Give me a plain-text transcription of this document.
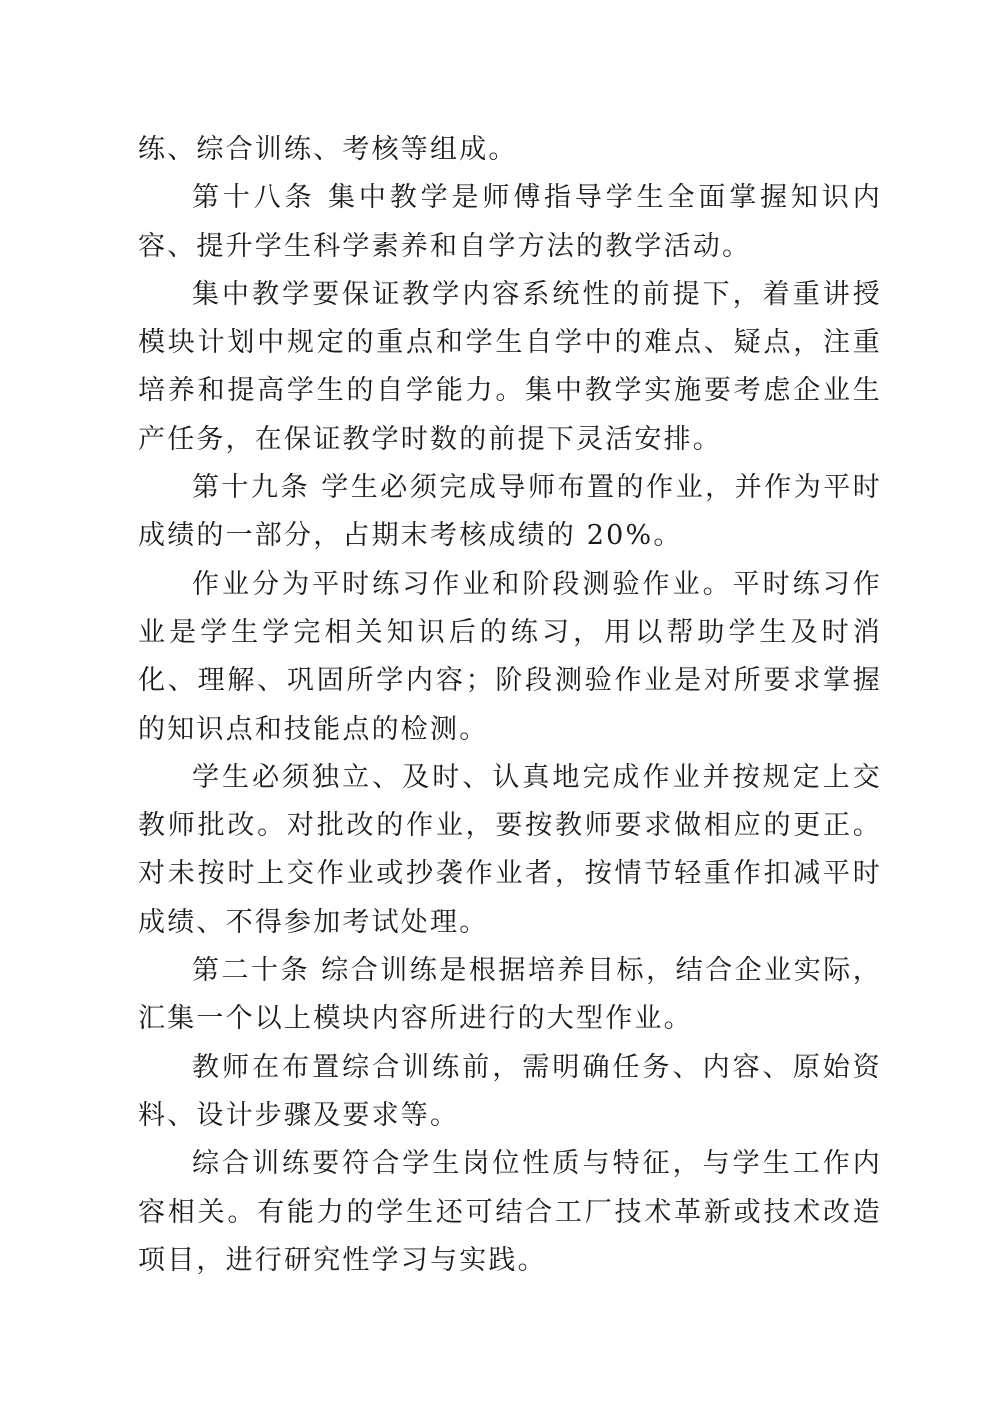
练、综合训练、考核等组成。

第十八条 集中教学是师傅指导学生全面掌握知识内容、提升学生科学素养和自学方法的教学活动。

集中教学要保证教学内容系统性的前提下，着重讲授模块计划中规定的重点和学生自学中的难点、疑点，注重培养和提高学生的自学能力。集中教学实施要考虑企业生产任务，在保证教学时数的前提下灵活安排。

第十九条 学生必须完成导师布置的作业，并作为平时成绩的一部分，占期末考核成绩的 20%。

作业分为平时练习作业和阶段测验作业。平时练习作业是学生学完相关知识后的练习，用以帮助学生及时消化、理解、巩固所学内容；阶段测验作业是对所要求掌握的知识点和技能点的检测。

学生必须独立、及时、认真地完成作业并按规定上交教师批改。对批改的作业，要按教师要求做相应的更正。对未按时上交作业或抄袭作业者，按情节轻重作扣减平时成绩、不得参加考试处理。

第二十条 综合训练是根据培养目标，结合企业实际，汇集一个以上模块内容所进行的大型作业。

教师在布置综合训练前，需明确任务、内容、原始资料、设计步骤及要求等。

综合训练要符合学生岗位性质与特征，与学生工作内容相关。有能力的学生还可结合工厂技术革新或技术改造项目，进行研究性学习与实践。
